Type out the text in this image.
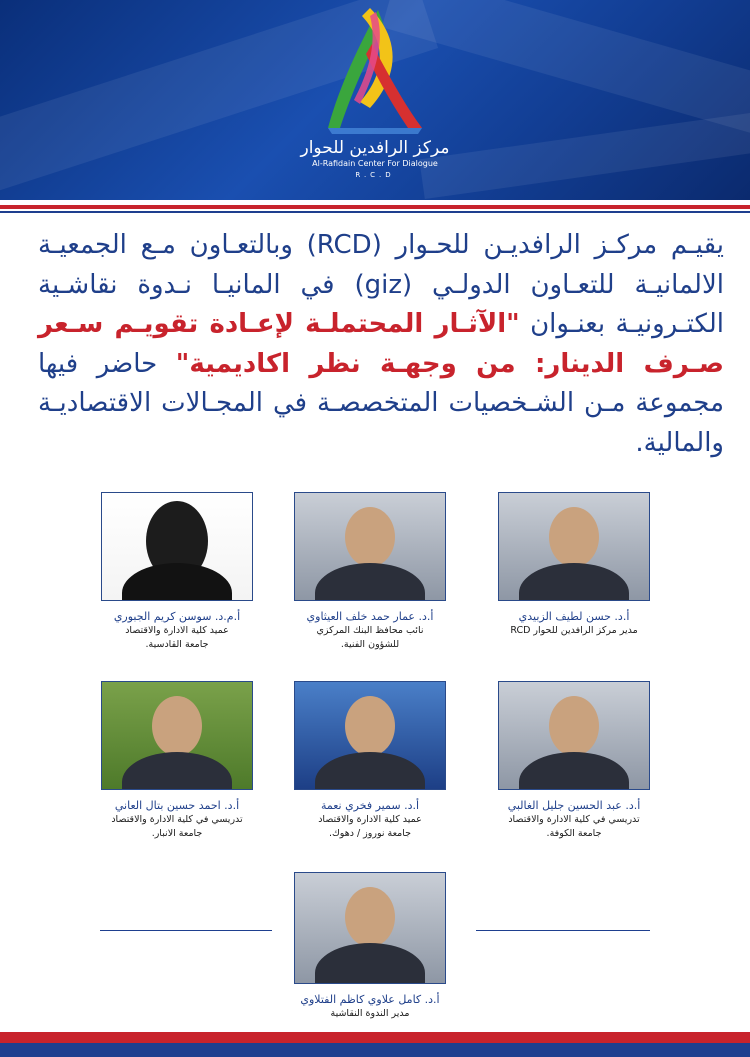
مركز الرافدين للحوار
Al-Rafidain Center For Dialogue
R.C.D
يقيـم مركـز الرافديـن للحـوار (RCD) وبالتعـاون مـع الجمعيـة الالمانيـة للتعـاون الدولـي (giz) في المانيـا نـدوة نقاشـية الكتـرونيـة بعنـوان "الآثـار المحتملـة لإعـادة تقويـم سـعر صـرف الدينار: من وجهـة نظر اكاديمية" حاضر فيها مجموعة مـن الشـخصيات المتخصصـة في المجـالات الاقتصاديـة والمالية.
أ.د. حسن لطيف الزبيدي
مدير مركز الرافدين للحوار RCD
أ.د. عمار حمد خلف العيثاوي
نائب محافظ البنك المركزي
للشؤون الفنية.
أ.م.د. سوسن كريم الجبوري
عميد كلية الادارة والاقتصاد
جامعة القادسية.
أ.د. عبد الحسين جليل الغالبي
تدريسي في كلية الادارة والاقتصاد
جامعة الكوفة.
أ.د. سمير فخري نعمة
عميد كلية الادارة والاقتصاد
جامعة نوروز / دهوك.
أ.د. احمد حسين بتال العاني
تدريسي في كلية الادارة والاقتصاد
جامعة الانبار.
أ.د. كامل علاوي كاظم الفتلاوي
مدير الندوة النقاشية
